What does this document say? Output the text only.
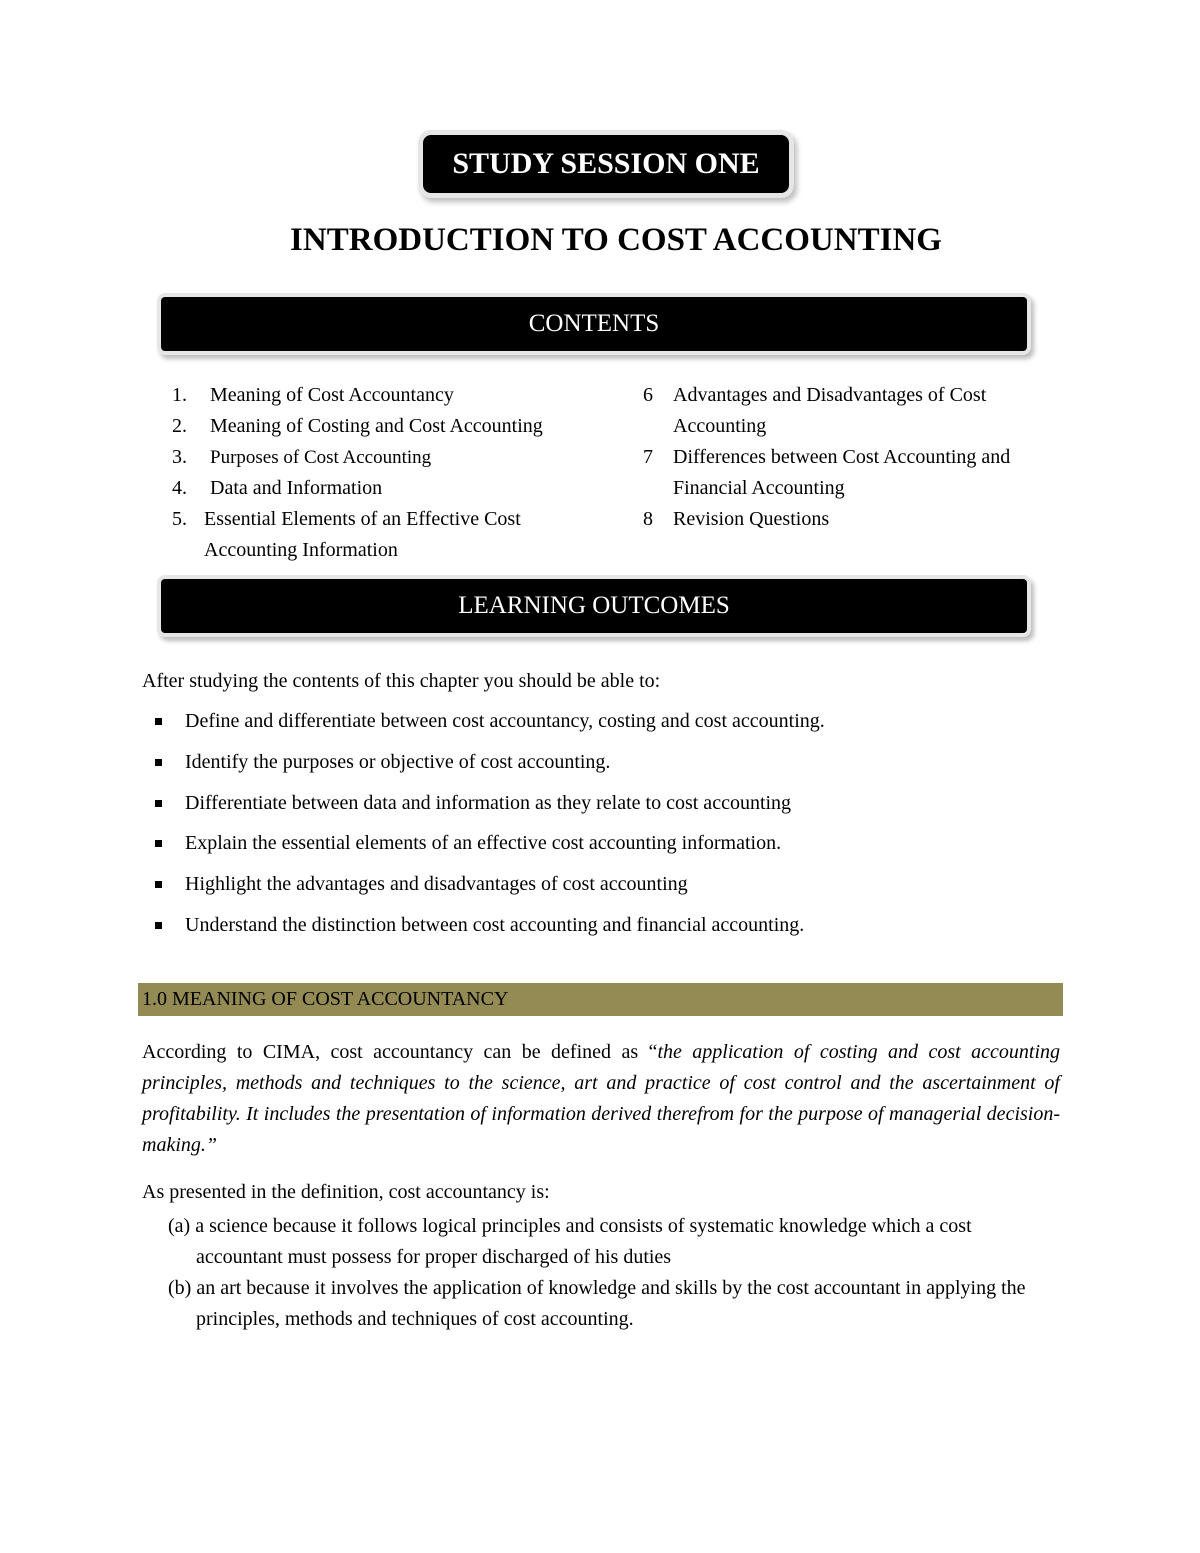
STUDY SESSION ONE
INTRODUCTION TO COST ACCOUNTING
CONTENTS
1.	Meaning of Cost Accountancy
2.	Meaning of Costing and Cost Accounting
3.	Purposes of Cost Accounting
4.	Data and Information
5. Essential Elements of an Effective Cost Accounting Information
6	Advantages and Disadvantages of Cost Accounting
7	Differences between Cost Accounting and Financial Accounting
8	Revision Questions
LEARNING OUTCOMES
After studying the contents of this chapter you should be able to:
Define and differentiate between cost accountancy, costing and cost accounting.
Identify the purposes or objective of cost accounting.
Differentiate between data and information as they relate to cost accounting
Explain the essential elements of an effective cost accounting information.
Highlight the advantages and disadvantages of cost accounting
Understand the distinction between cost accounting and financial accounting.
1.0 MEANING OF COST ACCOUNTANCY
According to CIMA, cost accountancy can be defined as “the application of costing and cost accounting principles, methods and techniques to the science, art and practice of cost control and the ascertainment of profitability. It includes the presentation of information derived therefrom for the purpose of managerial decision-making.”
As presented in the definition, cost accountancy is:
(a) a science because it follows logical principles and consists of systematic knowledge which a cost accountant must possess for proper discharged of his duties
(b) an art because it involves the application of knowledge and skills by the cost accountant in applying the principles, methods and techniques of cost accounting.
